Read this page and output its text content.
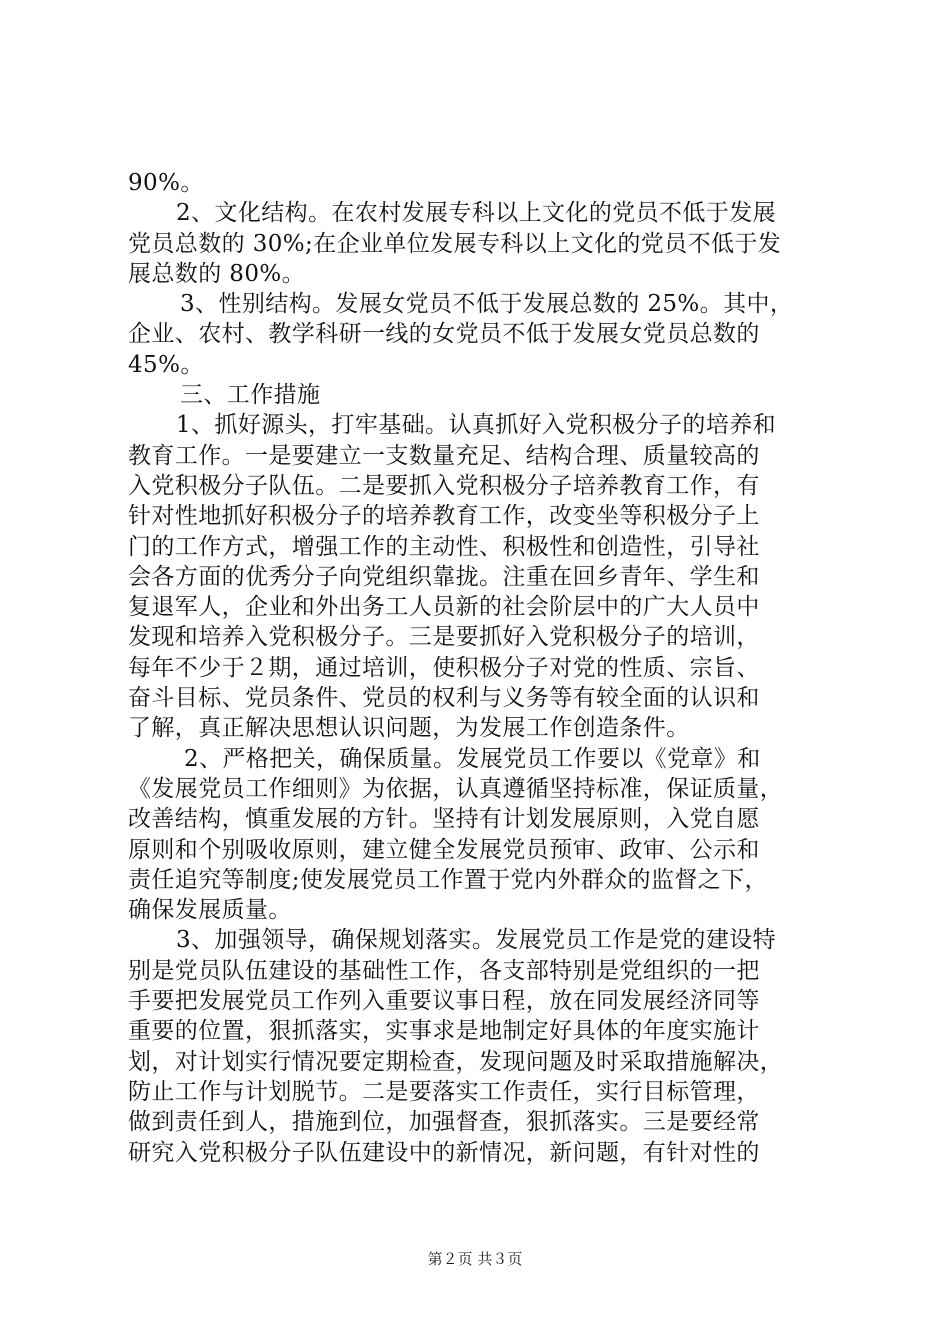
90%。
2、文化结构。在农村发展专科以上文化的党员不低于发展
党员总数的 30%;在企业单位发展专科以上文化的党员不低于发
展总数的 80%。
3、性别结构。发展女党员不低于发展总数的 25%。其中，
企业、农村、教学科研一线的女党员不低于发展女党员总数的
45%。
三、工作措施
1、抓好源头，打牢基础。认真抓好入党积极分子的培养和
教育工作。一是要建立一支数量充足、结构合理、质量较高的
入党积极分子队伍。二是要抓入党积极分子培养教育工作，有
针对性地抓好积极分子的培养教育工作，改变坐等积极分子上
门的工作方式，增强工作的主动性、积极性和创造性，引导社
会各方面的优秀分子向党组织靠拢。注重在回乡青年、学生和
复退军人，企业和外出务工人员新的社会阶层中的广大人员中
发现和培养入党积极分子。三是要抓好入党积极分子的培训，
每年不少于２期，通过培训，使积极分子对党的性质、宗旨、
奋斗目标、党员条件、党员的权利与义务等有较全面的认识和
了解，真正解决思想认识问题，为发展工作创造条件。
2、严格把关，确保质量。发展党员工作要以《党章》和
《发展党员工作细则》为依据，认真遵循坚持标准，保证质量，
改善结构，慎重发展的方针。坚持有计划发展原则，入党自愿
原则和个别吸收原则，建立健全发展党员预审、政审、公示和
责任追究等制度;使发展党员工作置于党内外群众的监督之下，
确保发展质量。
3、加强领导，确保规划落实。发展党员工作是党的建设特
别是党员队伍建设的基础性工作，各支部特别是党组织的一把
手要把发展党员工作列入重要议事日程，放在同发展经济同等
重要的位置，狠抓落实，实事求是地制定好具体的年度实施计
划，对计划实行情况要定期检查，发现问题及时采取措施解决，
防止工作与计划脱节。二是要落实工作责任，实行目标管理，
做到责任到人，措施到位，加强督查，狠抓落实。三是要经常
研究入党积极分子队伍建设中的新情况，新问题，有针对性的
第２页 共３页
